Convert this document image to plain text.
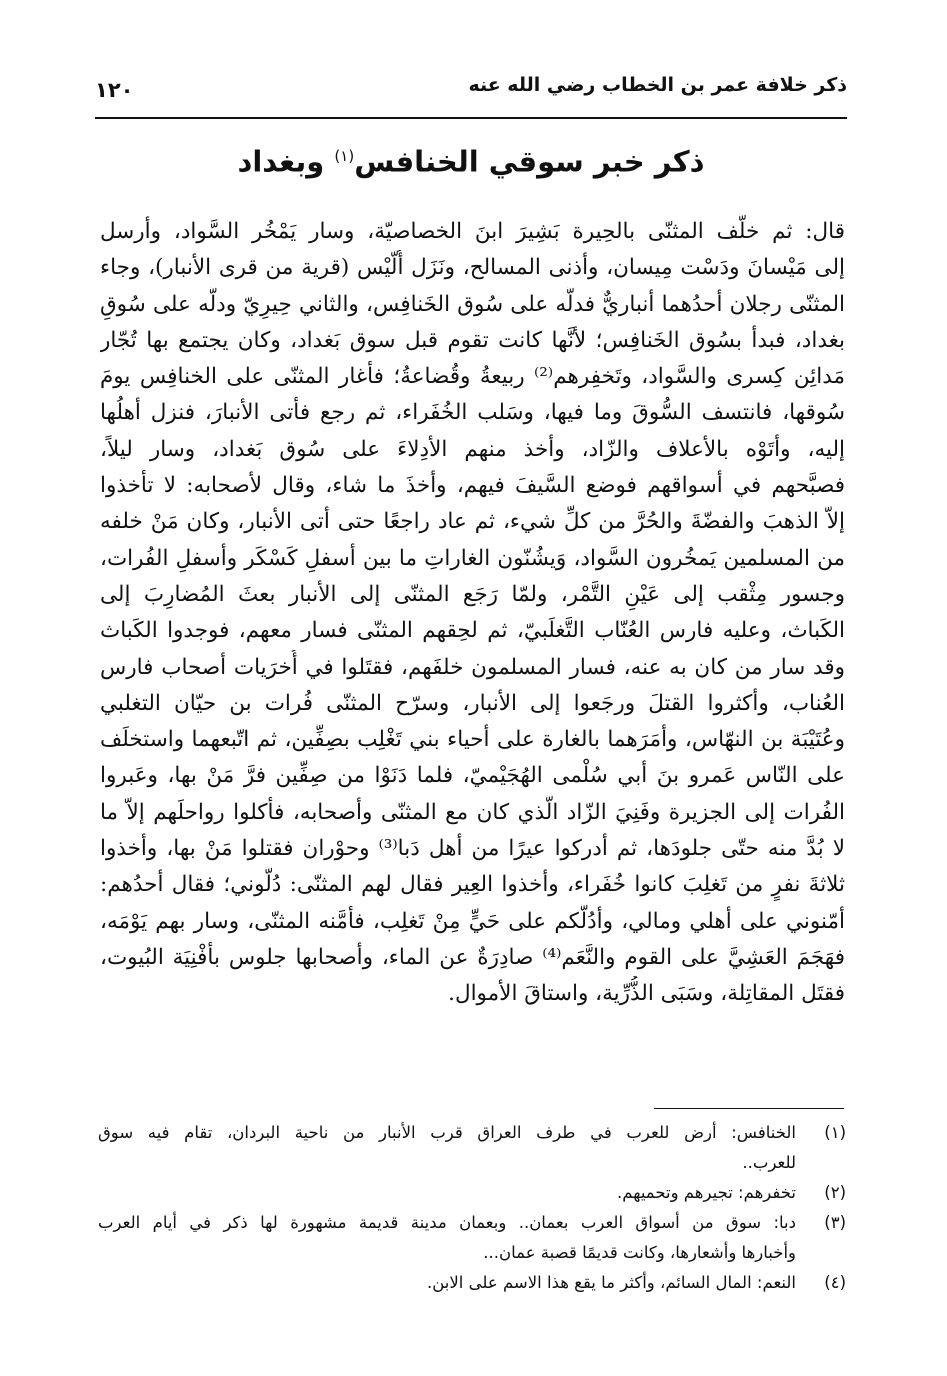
ذكر خلافة عمر بن الخطاب رضي الله عنه
١٢٠
ذكر خبر سوقي الخنافس$^{(١)}$ وبغداد
قال: ثم خلَّف المثنّى بالحِيرة بَشِيرَ ابنَ الخصاصيّة، وسار يَمْخُر السَّواد، وأرسل
إلى مَيْسانَ ودَسْت مِيسان، وأذنى المسالح، ونَزَل أُلَّيْس (قرية من قرى الأنبار)، وجاء
المثنّى رجلان أحدُهما أنباريٌّ فدلَّه على سُوق الخَنافِس، والثاني حِيرِيّ ودلَّه على سُوقِ
بغداد، فبدأ بسُوق الخَنافِس؛ لأنَّها كانت تقوم قبل سوق بَغداد، وكان يجتمع بها تُجّار
مَدائِن كِسرى والسَّواد، وتَخفِرهم⁽²⁾ ربيعةُ وقُضاعةُ؛ فأغار المثنّى على الخنافِس يومَ
سُوقها، فانتسف السُّوقَ وما فيها، وسَلب الخُفَراء، ثم رجع فأتى الأنبارَ، فنزل أهلُها
إليه، وأتَوْه بالأعلاف والزّاد، وأخذ منهم الأدِلاءَ على سُوق بَغداد، وسار ليلاً،
فصبَّحهم في أسواقهم فوضع السَّيفَ فيهم، وأخذَ ما شاء، وقال لأصحابه: لا تأخذوا
إلاّ الذهبَ والفضّةَ والحُرَّ من كلِّ شيء، ثم عاد راجعًا حتى أتى الأنبار، وكان مَنْ خلفه
من المسلمين يَمخُرون السَّواد، وَيشُنّون الغاراتِ ما بين أسفلِ كَسْكَر وأسفلِ الفُرات،
وجسور مِثْقب إلى عَيْنِ التَّمْر، ولمّا رَجَع المثنّى إلى الأنبار بعثَ المُضارِبَ إلى
الكَباث، وعليه فارس العُنّاب التَّغلَبيّ، ثم لحِقهم المثنّى فسار معهم، فوجدوا الكَباث
وقد سار من كان به عنه، فسار المسلمون خلفَهم، فقتَلوا في أُخرَيات أصحاب فارس
العُناب، وأكثروا القتلَ ورجَعوا إلى الأنبار، وسرّح المثنّى فُرات بن حيّان التغلبي
وعُتَيْبَة بن النهّاس، وأمَرَهما بالغارة على أحياء بني تَغْلِب بصِفِّين، ثم اتّبعهما واستخلَف
على النّاس عَمرو بنَ أبي سُلْمى الهُجَيْميّ، فلما دَنَوْا من صِفِّين فرَّ مَنْ بها، وعَبروا
الفُرات إلى الجزيرة وفَنِيَ الزّاد الَّذي كان مع المثنّى وأصحابه، فأكلوا رواحلَهم إلاّ ما
لا بُدَّ منه حتّى جلودَها، ثم أدركوا عيرًا من أهل دَبا⁽³⁾ وحوْران فقتلوا مَنْ بها، وأخذوا
ثلاثةَ نفرٍ من تَغلِبَ كانوا خُفَراء، وأخذوا العِير فقال لهم المثنّى: دُلُّوني؛ فقال أحدُهم:
أمّنوني على أهلي ومالي، وأدُلُّكم على حَيٍّ مِنْ تَغلِب، فأمَّنه المثنّى، وسار بهم يَوْمَه،
فهَجَمَ العَشِيَّ على القوم والنَّعَم⁽⁴⁾ صادِرَةٌ عن الماء، وأصحابها جلوس بأفْنِيَة البُيوت،
فقتَل المقاتِلة، وسَبَى الذُّرِّية، واستاقَ الأموال.
(١)
الخنافس: أرض للعرب في طرف العراق قرب الأنبار من ناحية البردان، تقام فيه سوق
للعرب..
(٢)
تخفرهم: تجيرهم وتحميهم.
(٣)
دبا: سوق من أسواق العرب بعمان.. وبعمان مدينة قديمة مشهورة لها ذكر في أيام العرب
وأخبارها وأشعارها، وكانت قديمًا قصبة عمان...
(٤)
النعم: المال السائم، وأكثر ما يقع هذا الاسم على الابن.
